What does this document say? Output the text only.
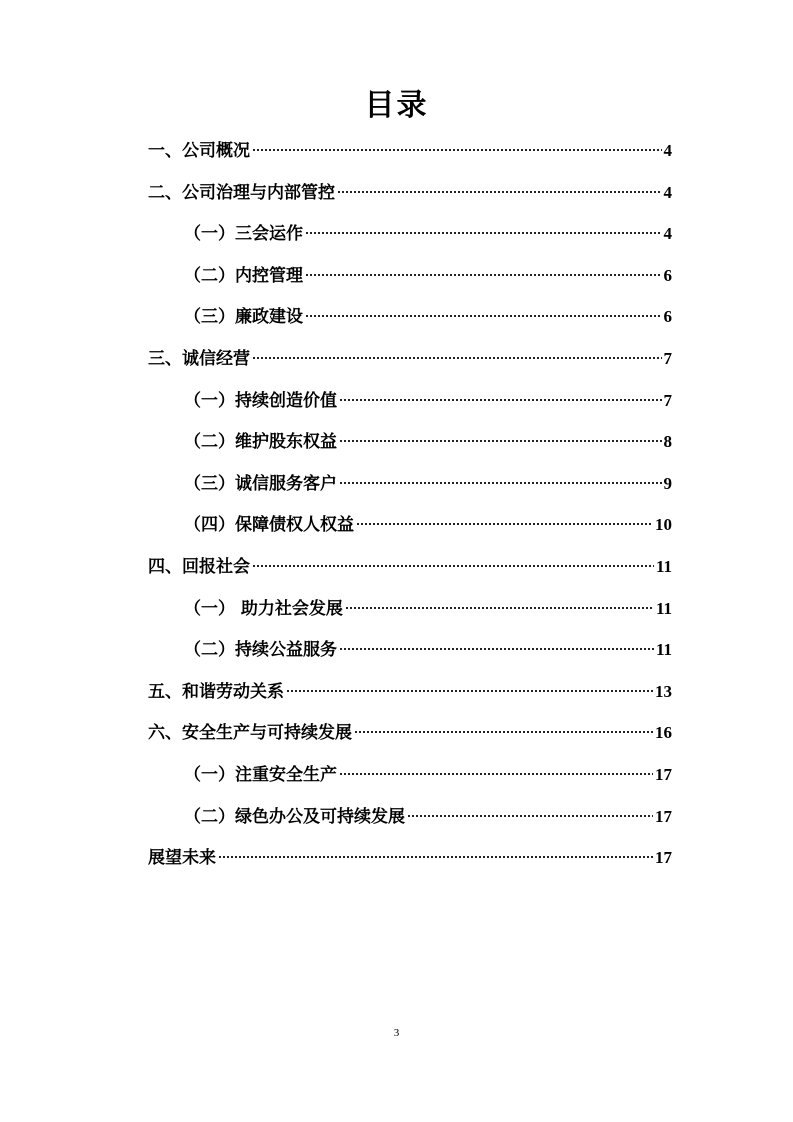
目录
一、公司概况	4
二、公司治理与内部管控	4
（一）三会运作	4
（二）内控管理	6
（三）廉政建设	6
三、诚信经营	7
（一）持续创造价值	7
（二）维护股东权益	8
（三）诚信服务客户	9
（四）保障债权人权益	10
四、回报社会	11
（一） 助力社会发展	11
（二）持续公益服务	11
五、和谐劳动关系	13
六、安全生产与可持续发展	16
（一）注重安全生产	17
（二）绿色办公及可持续发展	17
展望未来	17
3
